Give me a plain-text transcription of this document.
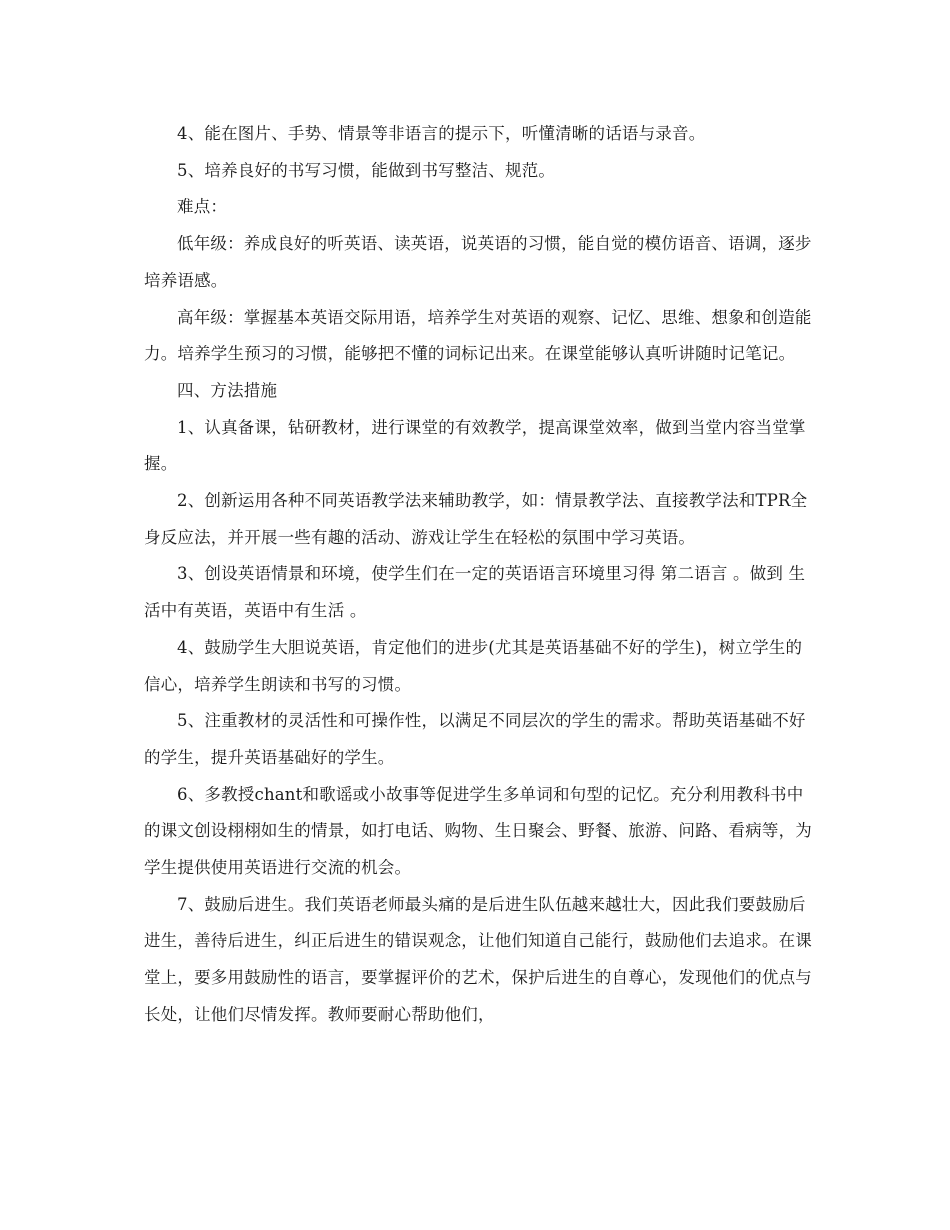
4、能在图片、手势、情景等非语言的提示下，听懂清晰的话语与录音。

5、培养良好的书写习惯，能做到书写整洁、规范。

难点：

低年级：养成良好的听英语、读英语，说英语的习惯，能自觉的模仿语音、语调，逐步培养语感。

高年级：掌握基本英语交际用语，培养学生对英语的观察、记忆、思维、想象和创造能力。培养学生预习的习惯，能够把不懂的词标记出来。在课堂能够认真听讲随时记笔记。

四、方法措施

1、认真备课，钻研教材，进行课堂的有效教学，提高课堂效率，做到当堂内容当堂掌握。

2、创新运用各种不同英语教学法来辅助教学，如：情景教学法、直接教学法和TPR全身反应法，并开展一些有趣的活动、游戏让学生在轻松的氛围中学习英语。

3、创设英语情景和环境，使学生们在一定的英语语言环境里习得 第二语言 。做到 生活中有英语，英语中有生活 。

4、鼓励学生大胆说英语，肯定他们的进步(尤其是英语基础不好的学生)，树立学生的信心，培养学生朗读和书写的习惯。

5、注重教材的灵活性和可操作性，以满足不同层次的学生的需求。帮助英语基础不好的学生，提升英语基础好的学生。

6、多教授chant和歌谣或小故事等促进学生多单词和句型的记忆。充分利用教科书中的课文创设栩栩如生的情景，如打电话、购物、生日聚会、野餐、旅游、问路、看病等，为学生提供使用英语进行交流的机会。

7、鼓励后进生。我们英语老师最头痛的是后进生队伍越来越壮大，因此我们要鼓励后进生，善待后进生，纠正后进生的错误观念，让他们知道自己能行，鼓励他们去追求。在课堂上，要多用鼓励性的语言，要掌握评价的艺术，保护后进生的自尊心，发现他们的优点与长处，让他们尽情发挥。教师要耐心帮助他们，
